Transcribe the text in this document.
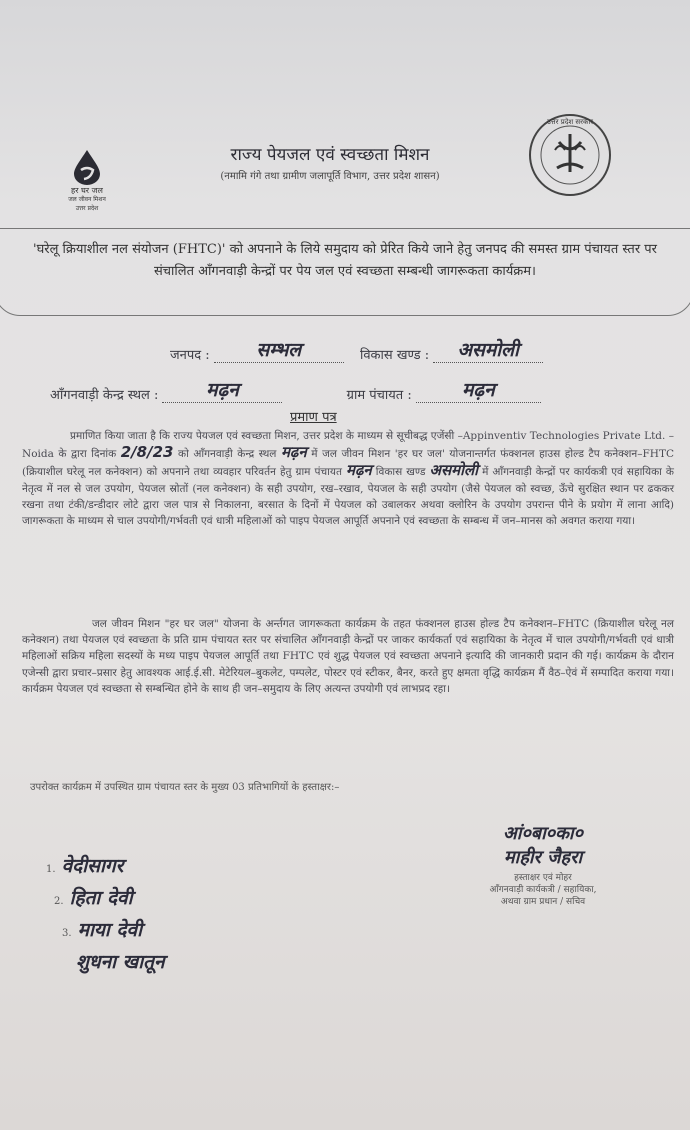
हर घर जल
जल जीवन मिशन
उत्तर प्रदेश
राज्य पेयजल एवं स्वच्छता मिशन
(नमामि गंगे तथा ग्रामीण जलापूर्ति विभाग, उत्तर प्रदेश शासन)
उत्तर प्रदेश सरकार
'घरेलू क्रियाशील नल संयोजन (FHTC)' को अपनाने के लिये समुदाय को प्रेरित किये जाने हेतु जनपद की समस्त ग्राम पंचायत स्तर पर संचालित आँगनवाड़ी केन्द्रों पर पेय जल एवं स्वच्छता सम्बन्धी जागरूकता कार्यक्रम।
जनपद : सम्भल	विकास खण्ड : असमोली
आँगनवाड़ी केन्द्र स्थल :	मढ़न	ग्राम पंचायत :	मढ़न
प्रमाण पत्र

प्रमाणित किया जाता है कि राज्य पेयजल एवं स्वच्छता मिशन, उत्तर प्रदेश के माध्यम से सूचीबद्ध एजेंसी –Appinventiv Technologies Private Ltd. – Noida के द्वारा दिनांक 2/8/23 को आँगनवाड़ी केन्द्र स्थल मढ़न में जल जीवन मिशन 'हर घर जल' योजनान्तर्गत फंक्शनल हाउस होल्ड टैप कनेक्शन–FHTC (क्रियाशील घरेलू नल कनेक्शन) को अपनाने तथा व्यवहार परिवर्तन हेतु ग्राम पंचायत मढ़न विकास खण्ड असमोली में आँगनवाड़ी केन्द्रों पर कार्यकत्री एवं सहायिका के नेतृत्व में नल से जल उपयोग, पेयजल स्रोतों (नल कनेक्शन) के सही उपयोग, रख–रखाव, पेयजल के सही उपयोग (जैसे पेयजल को स्वच्छ, ऊँचे सुरक्षित स्थान पर ढककर रखना तथा टंकी/डन्डीदार लोटे द्वारा जल पात्र से निकालना, बरसात के दिनों में पेयजल को उबालकर अथवा क्लोरिन के उपयोग उपरान्त पीने के प्रयोग में लाना आदि) जागरूकता के माध्यम से चाल उपयोगी/गर्भवती एवं धात्री महिलाओं को पाइप पेयजल आपूर्ति अपनाने एवं स्वच्छता के सम्बन्ध में जन–मानस को अवगत कराया गया।

जल जीवन मिशन "हर घर जल" योजना के अर्न्तगत जागरूकता कार्यक्रम के तहत फंक्शनल हाउस होल्ड टैप कनेक्शन–FHTC (क्रियाशील घरेलू नल कनेक्शन) तथा पेयजल एवं स्वच्छता के प्रति ग्राम पंचायत स्तर पर संचालित आँगनवाड़ी केन्द्रों पर जाकर कार्यकर्ता एवं सहायिका के नेतृत्व में चाल उपयोगी/गर्भवती एवं धात्री महिलाओं सक्रिय महिला सदस्यों के मध्य पाइप पेयजल आपूर्ति तथा FHTC एवं शुद्ध पेयजल एवं स्वच्छता अपनाने इत्यादि की जानकारी प्रदान की गई। कार्यक्रम के दौरान एजेन्सी द्वारा प्रचार–प्रसार हेतु आवश्यक आई.ई.सी. मेटेरियल–बुकलेट, पम्पलेट, पोस्टर एवं स्टीकर, बैनर, करते हुए क्षमता वृद्धि कार्यक्रम मैं वैठ–ऐवं में सम्पादित कराया गया। कार्यक्रम पेयजल एवं स्वच्छता से सम्बन्धित होने के साथ ही जन–समुदाय के लिए अत्यन्त उपयोगी एवं लाभप्रद रहा।

उपरोक्त कार्यक्रम में उपस्थित ग्राम पंचायत स्तर के मुख्य 03 प्रतिभागियों के हस्ताक्षर:–
1. वेदीसागर
2. हिता देवी
3. माया देवी
शुधना खातून
आं०बा०का०
माहीर जैहरा
हस्ताक्षर एवं मोहर
आँगनवाड़ी कार्यकत्री / सहायिका,
अथवा ग्राम प्रधान / सचिव
